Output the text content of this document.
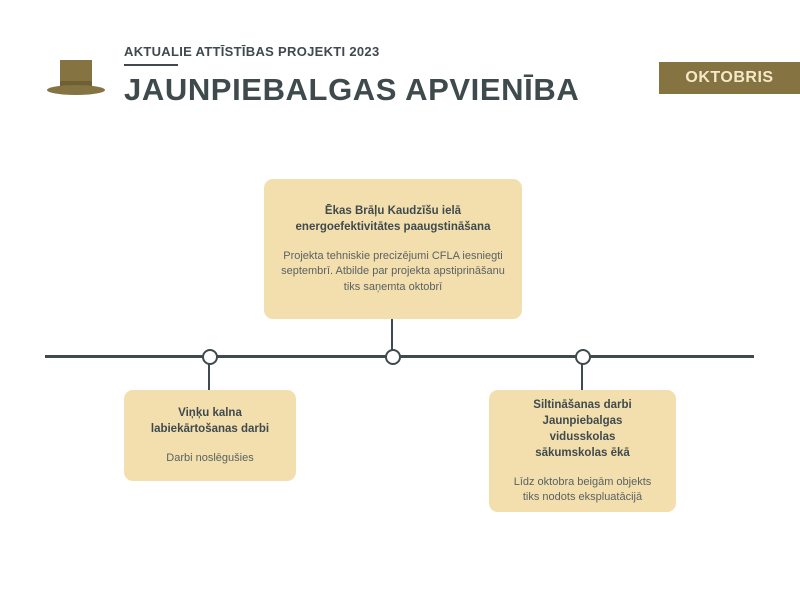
AKTUALIE ATTĪSTĪBAS PROJEKTI 2023
JAUNPIEBALGAS APVIENĪBA	OKTOBRIS
Viņķu kalna labiekārtošanas darbi
Darbi noslēgušies
Ēkas Brāļu Kaudzīšu ielā energoefektivitātes paaugstināšana
Projekta tehniskie precizējumi CFLA iesniegti septembrī. Atbilde par projekta apstiprināšanu tiks saņemta oktobrī
Siltināšanas darbi Jaunpiebalgas vidusskolas sākumskolas ēkā
Līdz oktobra beigām objekts tiks nodots ekspluatācijā
